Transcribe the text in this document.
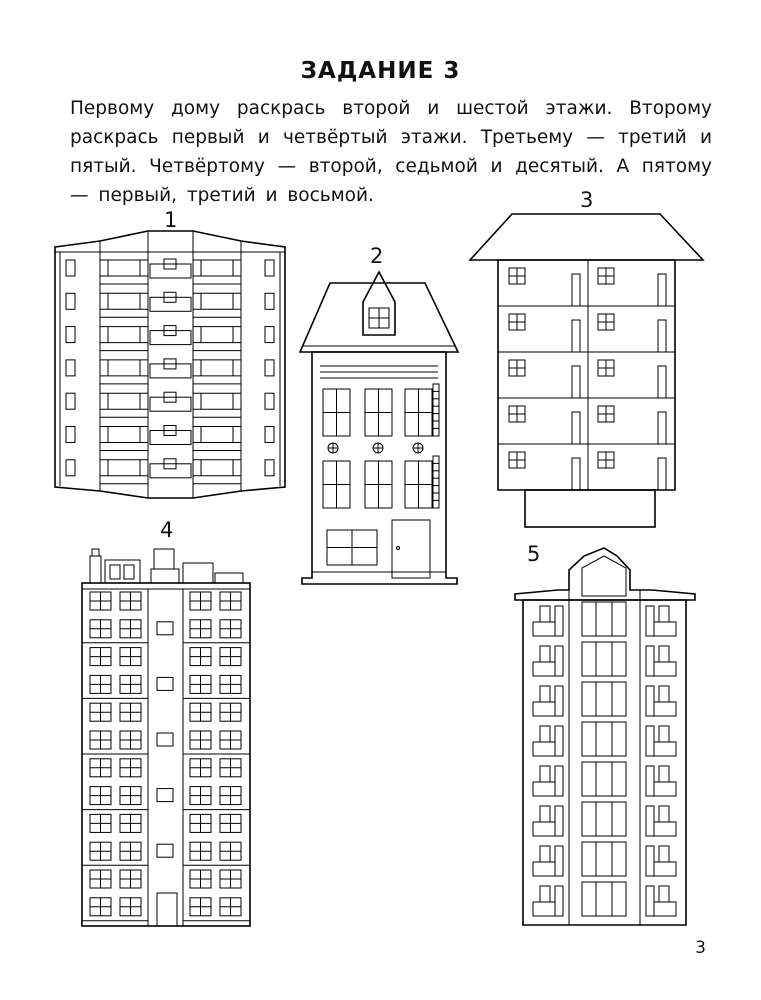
ЗАДАНИЕ 3

Первому дому раскрась второй и шестой этажи. Второму раскрась первый и четвёртый этажи. Третьему — третий и пятый. Четвёртому — второй, седьмой и десятый. А пятому — первый, третий и восьмой.

1
2
3
4
5
3
